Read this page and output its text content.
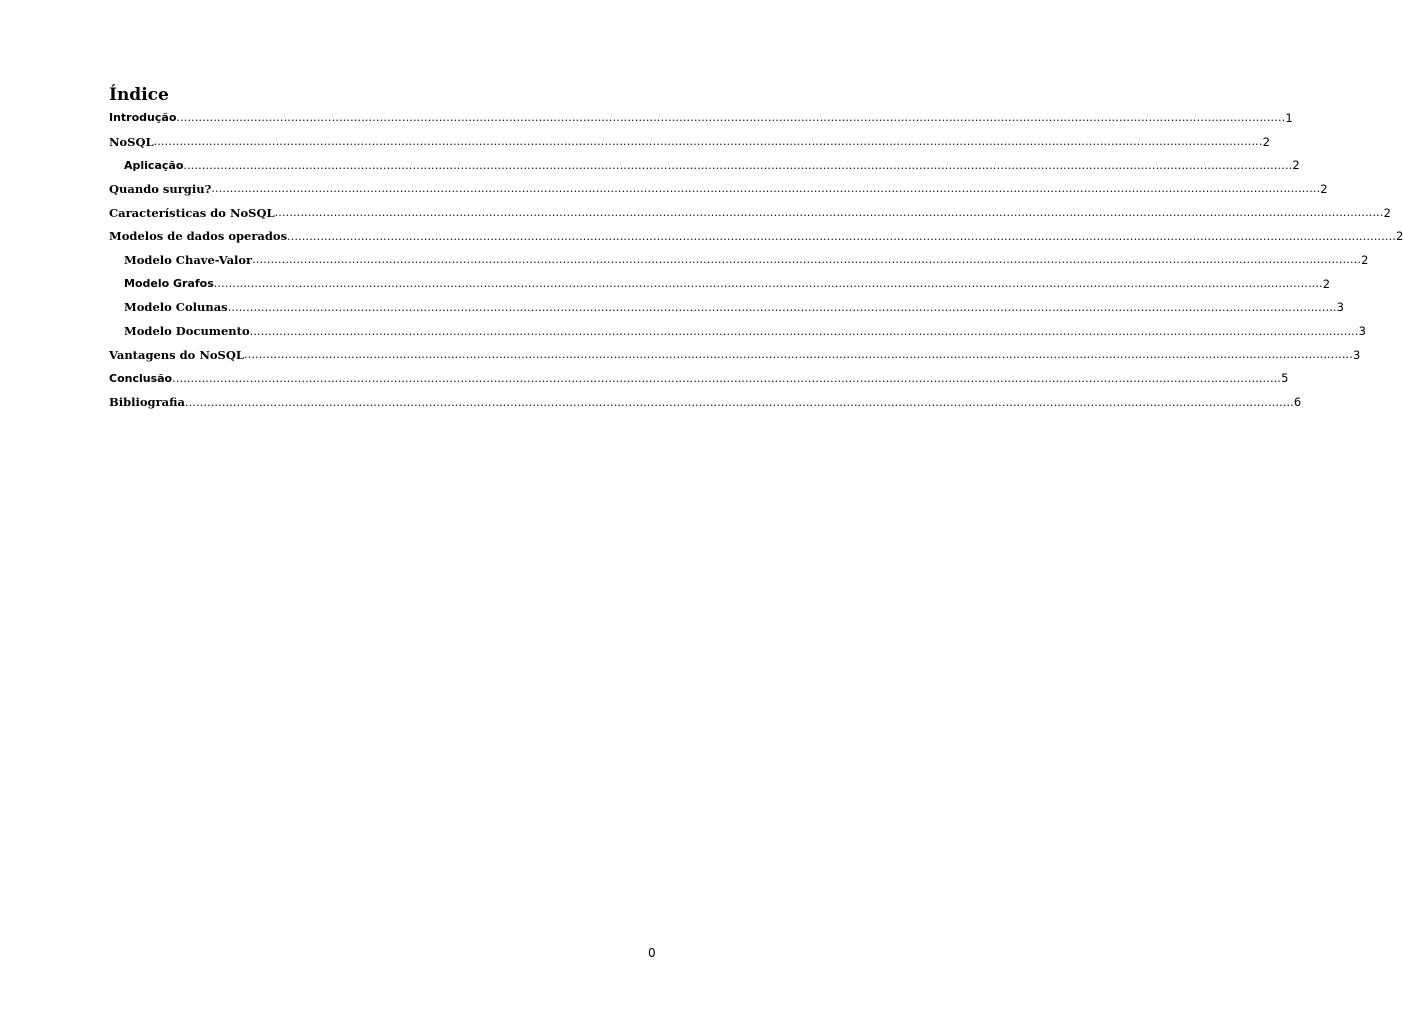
Índice
Introdução ............................................................................................................................................................................................................................................................................................................ 1
NoSQL ............................................................................................................................................................................................................................................................................................................ 2
Aplicação ............................................................................................................................................................................................................................................................................................................ 2
Quando surgiu? ............................................................................................................................................................................................................................................................................................................ 2
Características do NoSQL ............................................................................................................................................................................................................................................................................................................ 2
Modelos de dados operados ............................................................................................................................................................................................................................................................................................................ 2
Modelo Chave-Valor ............................................................................................................................................................................................................................................................................................................ 2
Modelo Grafos ............................................................................................................................................................................................................................................................................................................ 2
Modelo Colunas ............................................................................................................................................................................................................................................................................................................ 3
Modelo Documento ............................................................................................................................................................................................................................................................................................................ 3
Vantagens do NoSQL ............................................................................................................................................................................................................................................................................................................ 3
Conclusão ............................................................................................................................................................................................................................................................................................................ 5
Bibliografia ............................................................................................................................................................................................................................................................................................................ 6
0
